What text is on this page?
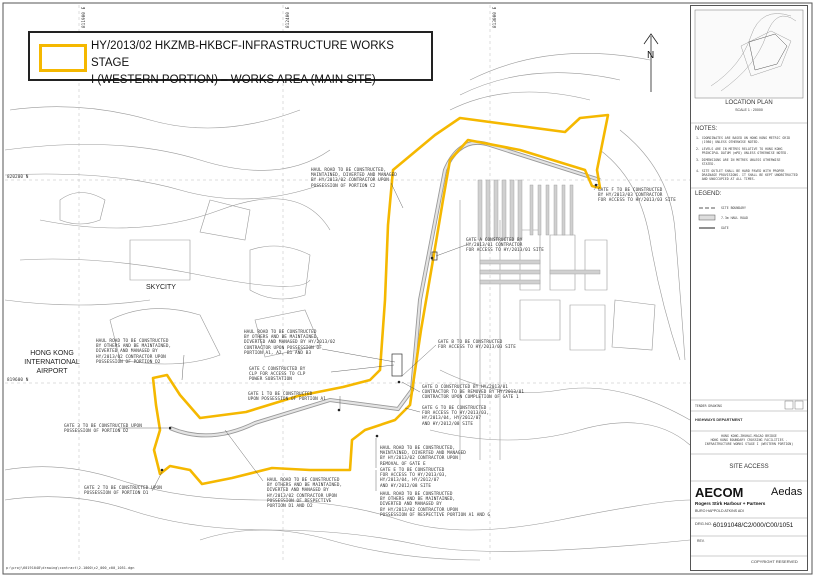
N
811900 E	812400 E	813000 E
820200 N
819600 N
SKYCITY
HONG KONG
INTERNATIONAL
AIRPORT
HY/2013/02 HKZMB-HKBCF-INFRASTRUCTURE WORKS STAGE
I (WESTERN PORTION) – WORKS AREA (MAIN SITE)
HAUL ROAD TO BE CONSTRUCTED,
MAINTAINED, DIVERTED AND MANAGED
BY HY/2013/02 CONTRACTOR UPON
POSSESSION OF PORTION C2
GATE F TO BE CONSTRUCTED
BY HY/2013/03 CONTRACTOR
FOR ACCESS TO HY/2013/03 SITE
GATE A CONSTRUCTED BY
HY/2013/01 CONTRACTOR
FOR ACCESS TO HY/2013/01 SITE
HAUL ROAD TO BE CONSTRUCTED
BY OTHERS AND BE MAINTAINED,
DIVERTED AND MANAGED BY HY/2013/02
CONTRACTOR UPON POSSESSION OF
PORTION A1, A2, B1 AND B3
GATE B TO BE CONSTRUCTED
FOR ACCESS TO HY/2013/03 SITE
HAUL ROAD TO BE CONSTRUCTED
BY OTHERS AND BE MAINTAINED,
DIVERTED AND MANAGED BY
HY/2013/02 CONTRACTOR UPON
POSSESSION OF PORTION D2
GATE C CONSTRUCTED BY
CLP FOR ACCESS TO CLP
POWER SUBSTATION
GATE 1 TO BE CONSTRUCTED
UPON POSSESSION OF PORTION A1
GATE D CONSTRUCTED BY HY/2013/01
CONTRACTOR TO BE REMOVED BY HY/2013/01
CONTRACTOR UPON COMPLETION OF GATE 1
GATE G TO BE CONSTRUCTED
FOR ACCESS TO HY/2013/03,
HY/2013/04, HY/2012/07
AND HY/2012/08 SITE
GATE 3 TO BE CONSTRUCTED UPON
POSSESSION OF PORTION D2
HAUL ROAD TO BE CONSTRUCTED,
MAINTAINED, DIVERTED AND MANAGED
BY HY/2013/02 CONTRACTOR UPON
REMOVAL OF GATE E
GATE E TO BE CONSTRUCTED
FOR ACCESS TO HY/2013/03,
HY/2013/04, HY/2012/07
AND HY/2012/08 SITE
HAUL ROAD TO BE CONSTRUCTED
BY OTHERS AND BE MAINTAINED,
DIVERTED AND MANAGED BY
HY/2013/02 CONTRACTOR UPON
POSSESSION OF RESPECTIVE
PORTION D1 AND D2
HAUL ROAD TO BE CONSTRUCTED
BY OTHERS AND BE MAINTAINED,
DIVERTED AND MANAGED BY
BY HY/2013/02 CONTRACTOR UPON
POSSESSION OF RESPECTIVE PORTION A1 AND G
GATE 2 TO BE CONSTRUCTED UPON
POSSESSION OF PORTION D1
p:\proj\60191048\drawing\contract\2-1000\c2_000_c00_1051.dgn
LOCATION PLAN
SCALE 1 : 20000
NOTES:
1. COORDINATES ARE BASED ON HONG KONG METRIC GRID
(1980) UNLESS OTHERWISE NOTED.
2. LEVELS ARE IN METRES RELATIVE TO HONG KONG
PRINCIPAL DATUM (mPD) UNLESS OTHERWISE NOTED.
3. DIMENSIONS ARE IN METRES UNLESS OTHERWISE
STATED.
4. SITE OUTLET SHALL BE HARD PAVED WITH PROPER
DRAINAGE PROVISIONS. IT SHALL BE KEPT UNOBSTRUCTED
AND UNOCCUPIED AT ALL TIMES.
LEGEND:
SITE BOUNDARY
7.3m HAUL ROAD
GATE
TENDER DRAWING
HIGHWAYS DEPARTMENT
HONG KONG-ZHUHAI-MACAO BRIDGE
HONG KONG BOUNDARY CROSSING FACILITIES -
INFRASTRUCTURE WORKS STAGE I (WESTERN PORTION)
SITE ACCESS
AECOM	Aedas
Rogers Stirk Harbour + Partners
BURO HAPPOLD ATKINS ADI
DRG.NO. 60191048/C2/000/C00/1051
REV.
COPYRIGHT RESERVED
